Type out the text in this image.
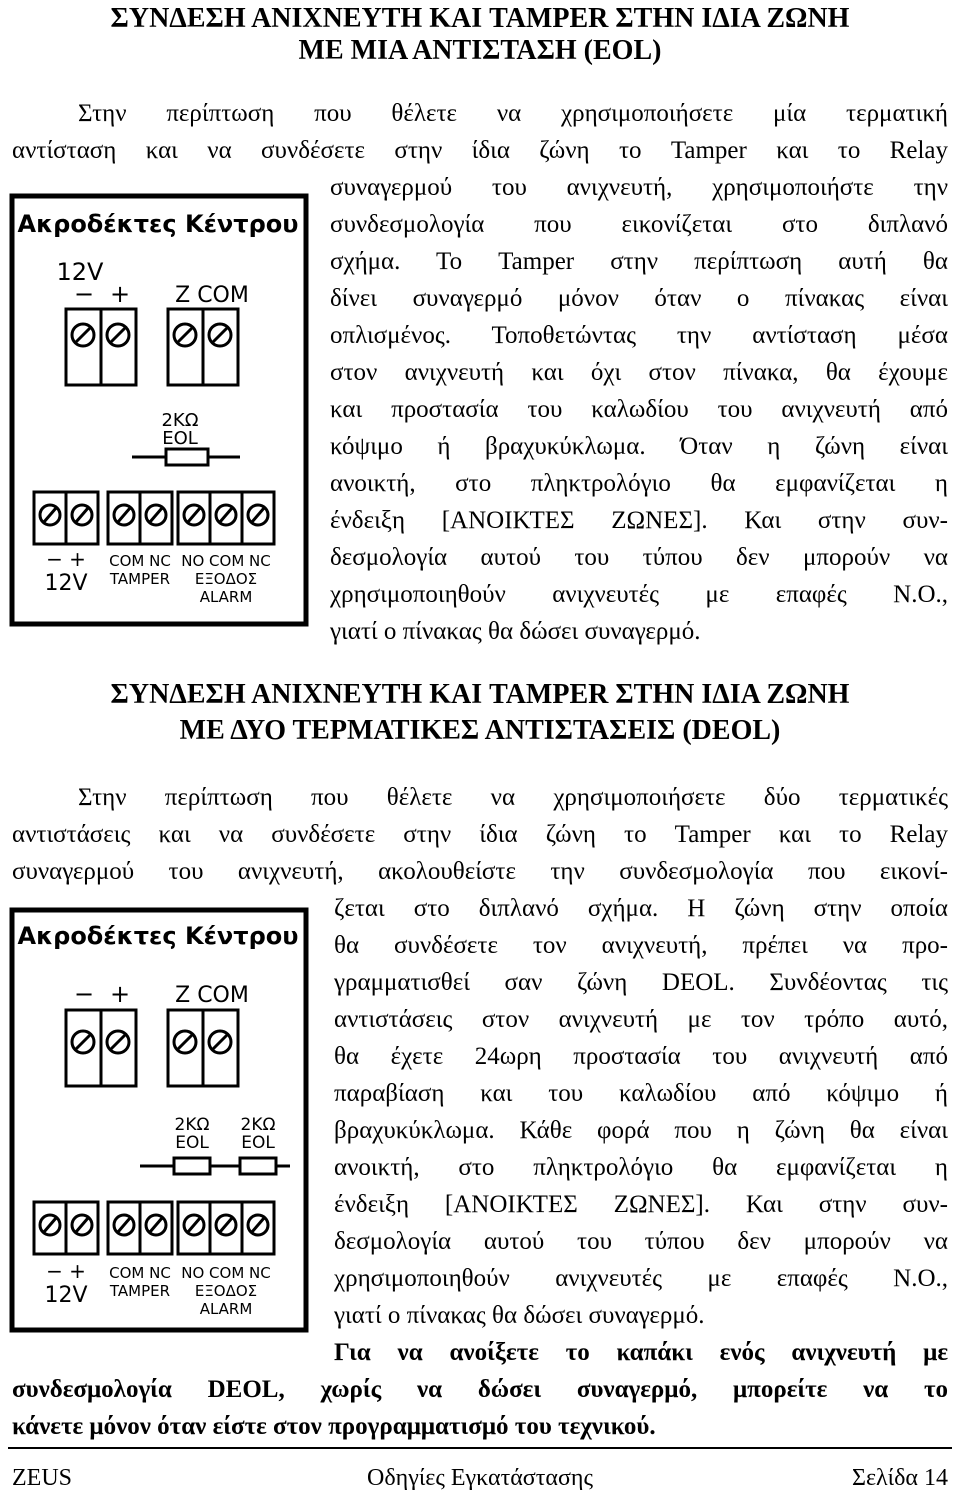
ΣΥΝΔΕΣΗ ΑΝΙΧΝΕΥΤΗ ΚΑΙ TAMPER ΣΤΗΝ ΙΔΙΑ ΖΩΝΗ
ΜΕ ΜΙΑ ΑΝΤΙΣΤΑΣΗ (EOL)
Στην περίπτωση που θέλετε να χρησιμοποιήσετε μία τερματική
αντίσταση και να συνδέσετε στην ίδια ζώνη το Tamper και το Relay
συναγερμού του ανιχνευτή, χρησιμοποιήστε την
συνδεσμολογία που εικονίζεται στο διπλανό
σχήμα. Το Tamper στην περίπτωση αυτή θα
δίνει συναγερμό μόνον όταν ο πίνακας είναι
οπλισμένος. Τοποθετώντας την αντίσταση μέσα
στον ανιχνευτή και όχι στον πίνακα, θα έχουμε
και προστασία του καλωδίου του ανιχνευτή από
κόψιμο ή βραχυκύκλωμα. Όταν η ζώνη είναι
ανοικτή, στο πληκτρολόγιο θα εμφανίζεται η
ένδειξη [ΑΝΟΙΚΤΕΣ ΖΩΝΕΣ]. Και στην συν-
δεσμολογία αυτού του τύπου δεν μπορούν να
χρησιμοποιηθούν ανιχνευτές με επαφές Ν.Ο.,
γιατί ο πίνακας θα δώσει συναγερμό.
Ακροδέκτες Κέντρου
12V
− + Z COM
2KΩ
EOL
− +
12V
COM NC
TAMPER
NO COM NC
ΕΞΟΔΟΣ
ALARM
ΣΥΝΔΕΣΗ ΑΝΙΧΝΕΥΤΗ ΚΑΙ TAMPER ΣΤΗΝ ΙΔΙΑ ΖΩΝΗ
ΜΕ ΔΥΟ ΤΕΡΜΑΤΙΚΕΣ ΑΝΤΙΣΤΑΣΕΙΣ (DEOL)
Στην περίπτωση που θέλετε να χρησιμοποιήσετε δύο τερματικές
αντιστάσεις και να συνδέσετε στην ίδια ζώνη το Tamper και το Relay
συναγερμού του ανιχνευτή, ακολουθείστε την συνδεσμολογία που εικονί-
ζεται στο διπλανό σχήμα. Η ζώνη στην οποία
θα συνδέσετε τον ανιχνευτή, πρέπει να προ-
γραμματισθεί σαν ζώνη DEOL. Συνδέοντας τις
αντιστάσεις στον ανιχνευτή με τον τρόπο αυτό,
θα έχετε 24ωρη προστασία του ανιχνευτή από
παραβίαση και του καλωδίου από κόψιμο ή
βραχυκύκλωμα. Κάθε φορά που η ζώνη θα είναι
ανοικτή, στο πληκτρολόγιο θα εμφανίζεται η
ένδειξη [ΑΝΟΙΚΤΕΣ ΖΩΝΕΣ]. Και στην συν-
δεσμολογία αυτού του τύπου δεν μπορούν να
χρησιμοποιηθούν ανιχνευτές με επαφές Ν.Ο.,
γιατί ο πίνακας θα δώσει συναγερμό.
Για να ανοίξετε το καπάκι ενός ανιχνευτή με
συνδεσμολογία DEOL, χωρίς να δώσει συναγερμό, μπορείτε να το
κάνετε μόνον όταν είστε στον προγραμματισμό του τεχνικού.
Ακροδέκτες Κέντρου
− + Z COM
2KΩ
EOL
2KΩ
EOL
− +
12V
COM NC
TAMPER
NO COM NC
ΕΞΟΔΟΣ
ALARM
ZEUS	Οδηγίες Εγκατάστασης	Σελίδα 14
